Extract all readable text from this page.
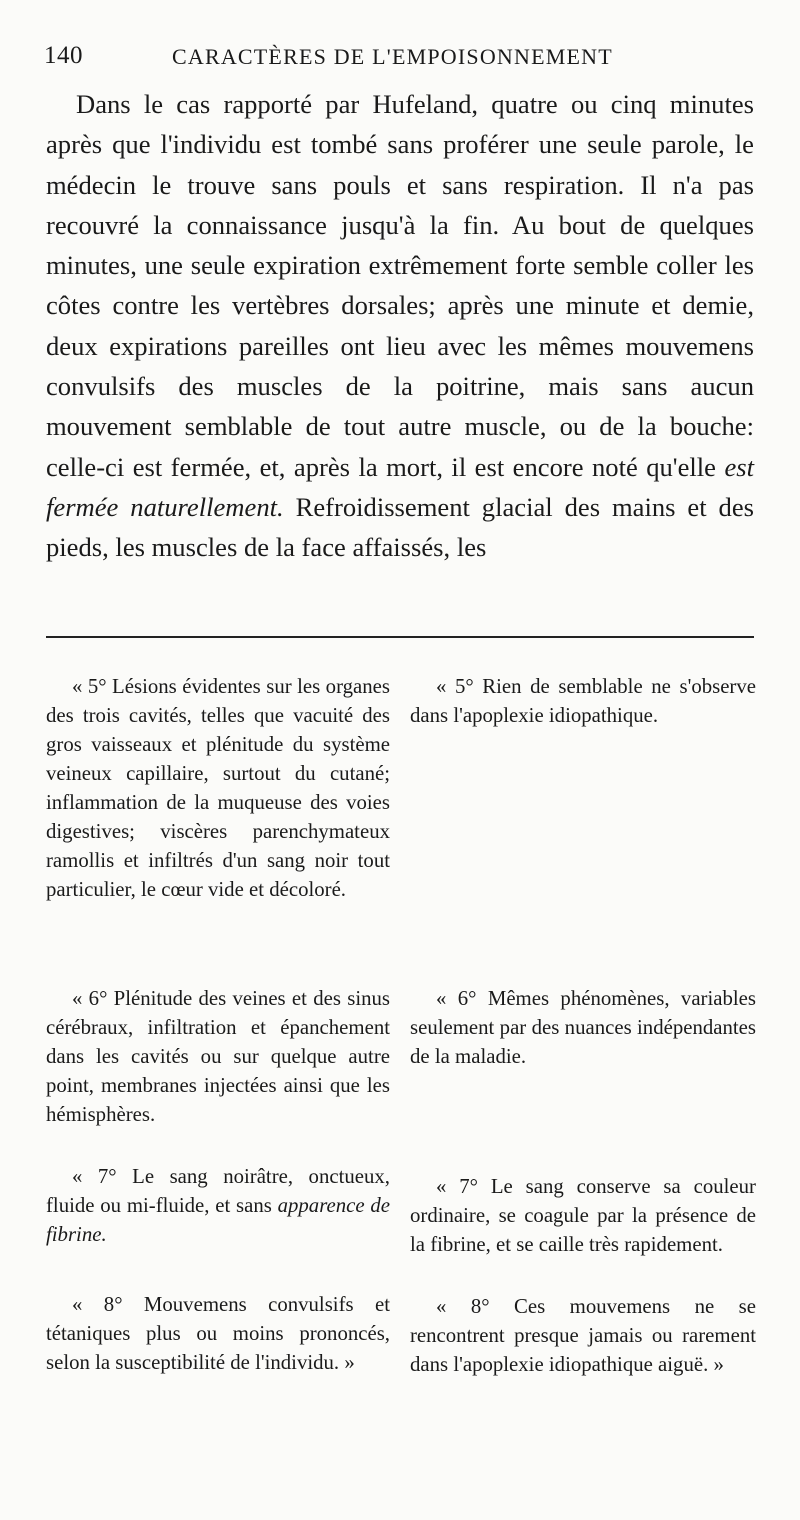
140	CARACTÈRES DE L'EMPOISONNEMENT

Dans le cas rapporté par Hufeland, quatre ou cinq minutes après que l'individu est tombé sans proférer une seule parole, le médecin le trouve sans pouls et sans respiration. Il n'a pas recouvré la connaissance jusqu'à la fin. Au bout de quelques minutes, une seule expiration extrêmement forte semble coller les côtes contre les vertèbres dorsales; après une minute et demie, deux expirations pareilles ont lieu avec les mêmes mouvemens convulsifs des muscles de la poitrine, mais sans aucun mouvement semblable de tout autre muscle, ou de la bouche: celle-ci est fermée, et, après la mort, il est encore noté qu'elle est fermée naturellement. Refroidissement glacial des mains et des pieds, les muscles de la face affaissés, les

« 5° Lésions évidentes sur les organes des trois cavités, telles que vacuité des gros vaisseaux et plénitude du système veineux capillaire, surtout du cutané; inflammation de la muqueuse des voies digestives; viscères parenchymateux ramollis et infiltrés d'un sang noir tout particulier, le cœur vide et décoloré.

« 6° Plénitude des veines et des sinus cérébraux, infiltration et épanchement dans les cavités ou sur quelque autre point, membranes injectées ainsi que les hémisphères.

« 7° Le sang noirâtre, onctueux, fluide ou mi-fluide, et sans apparence de fibrine.

« 8° Mouvemens convulsifs et tétaniques plus ou moins prononcés, selon la susceptibilité de l'individu. »

« 5° Rien de semblable ne s'observe dans l'apoplexie idiopathique.

« 6° Mêmes phénomènes, variables seulement par des nuances indépendantes de la maladie.

« 7° Le sang conserve sa couleur ordinaire, se coagule par la présence de la fibrine, et se caille très rapidement.

« 8° Ces mouvemens ne se rencontrent presque jamais ou rarement dans l'apoplexie idiopathique aiguë. »
